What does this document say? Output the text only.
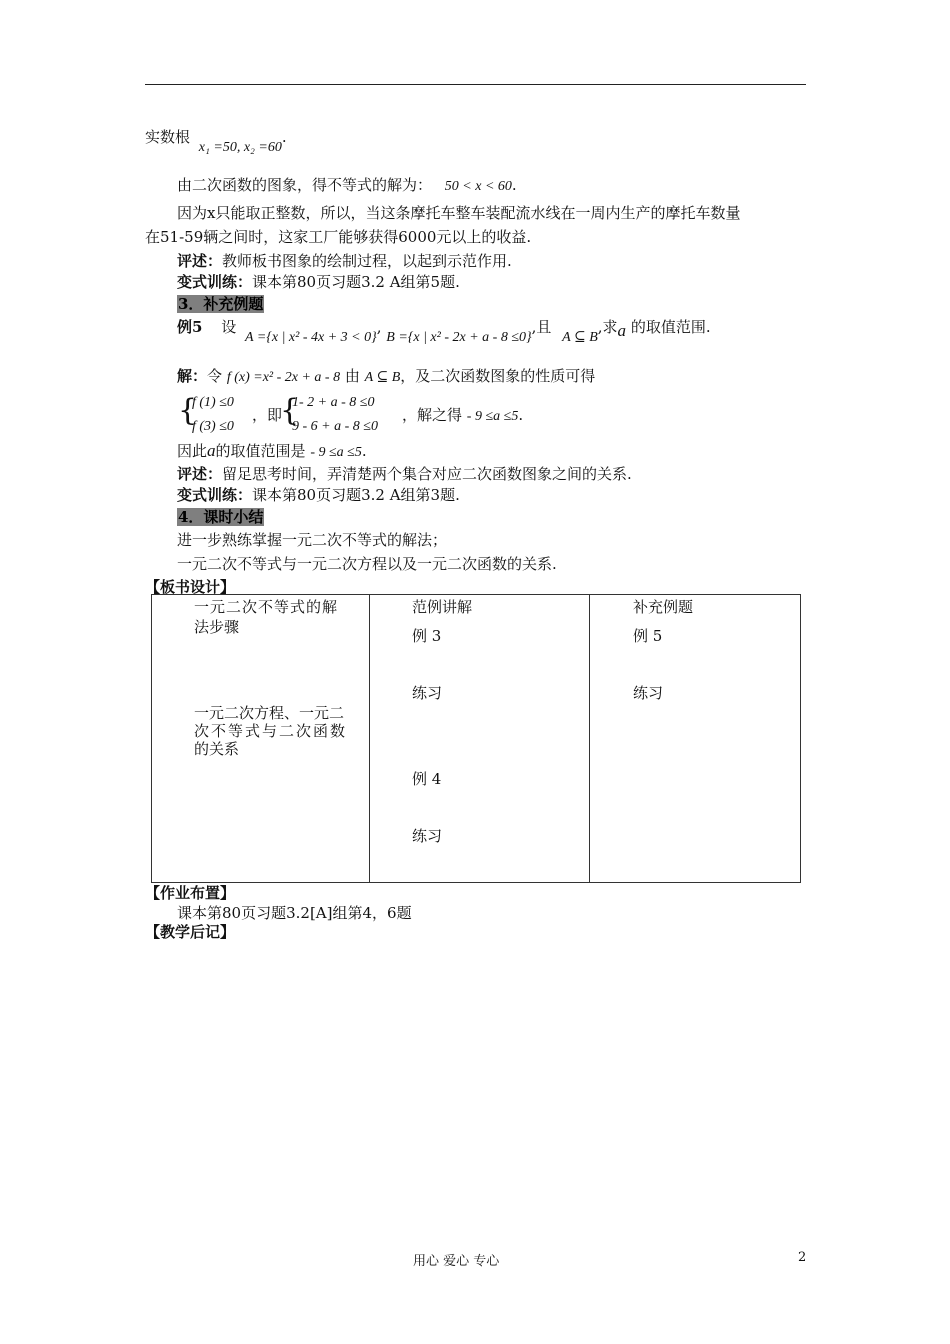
实数根 x₁ =50, x₂ =60.
由二次函数的图象，得不等式的解为： 50 < x < 60.
因为x只能取正整数，所以，当这条摩托车整车装配流水线在一周内生产的摩托车数量
在51-59辆之间时，这家工厂能够获得6000元以上的收益.
评述：教师板书图象的绘制过程，以起到示范作用.
变式训练：课本第80页习题3.2 A组第5题.
3．补充例题
例5 设 A ={x | x² - 4x + 3 < 0}, B ={x | x² - 2x + a - 8 ≤0},且 A ⊆ B,求a 的取值范围.
解：令 f (x) =x² - 2x + a - 8 由 A ⊆ B，及二次函数图象的性质可得
{
f (1) ≤0
f (3) ≤0
，即
{
1- 2 + a - 8 ≤0
9 - 6 + a - 8 ≤0
，解之得 - 9 ≤a ≤5.
因此a的取值范围是 - 9 ≤a ≤5.
评述：留足思考时间，弄清楚两个集合对应二次函数图象之间的关系.
变式训练：课本第80页习题3.2 A组第3题.
4．课时小结
进一步熟练掌握一元二次不等式的解法；
一元二次不等式与一元二次方程以及一元二次函数的关系.
【板书设计】
一元二次不等式的解
法步骤
一元二次方程、一元二
次不等式与二次函数
的关系
范例讲解
例 3
练习
例 4
练习
补充例题
例 5
练习
【作业布置】
课本第80页习题3.2[A]组第4，6题
【教学后记】
用心 爱心 专心	2
